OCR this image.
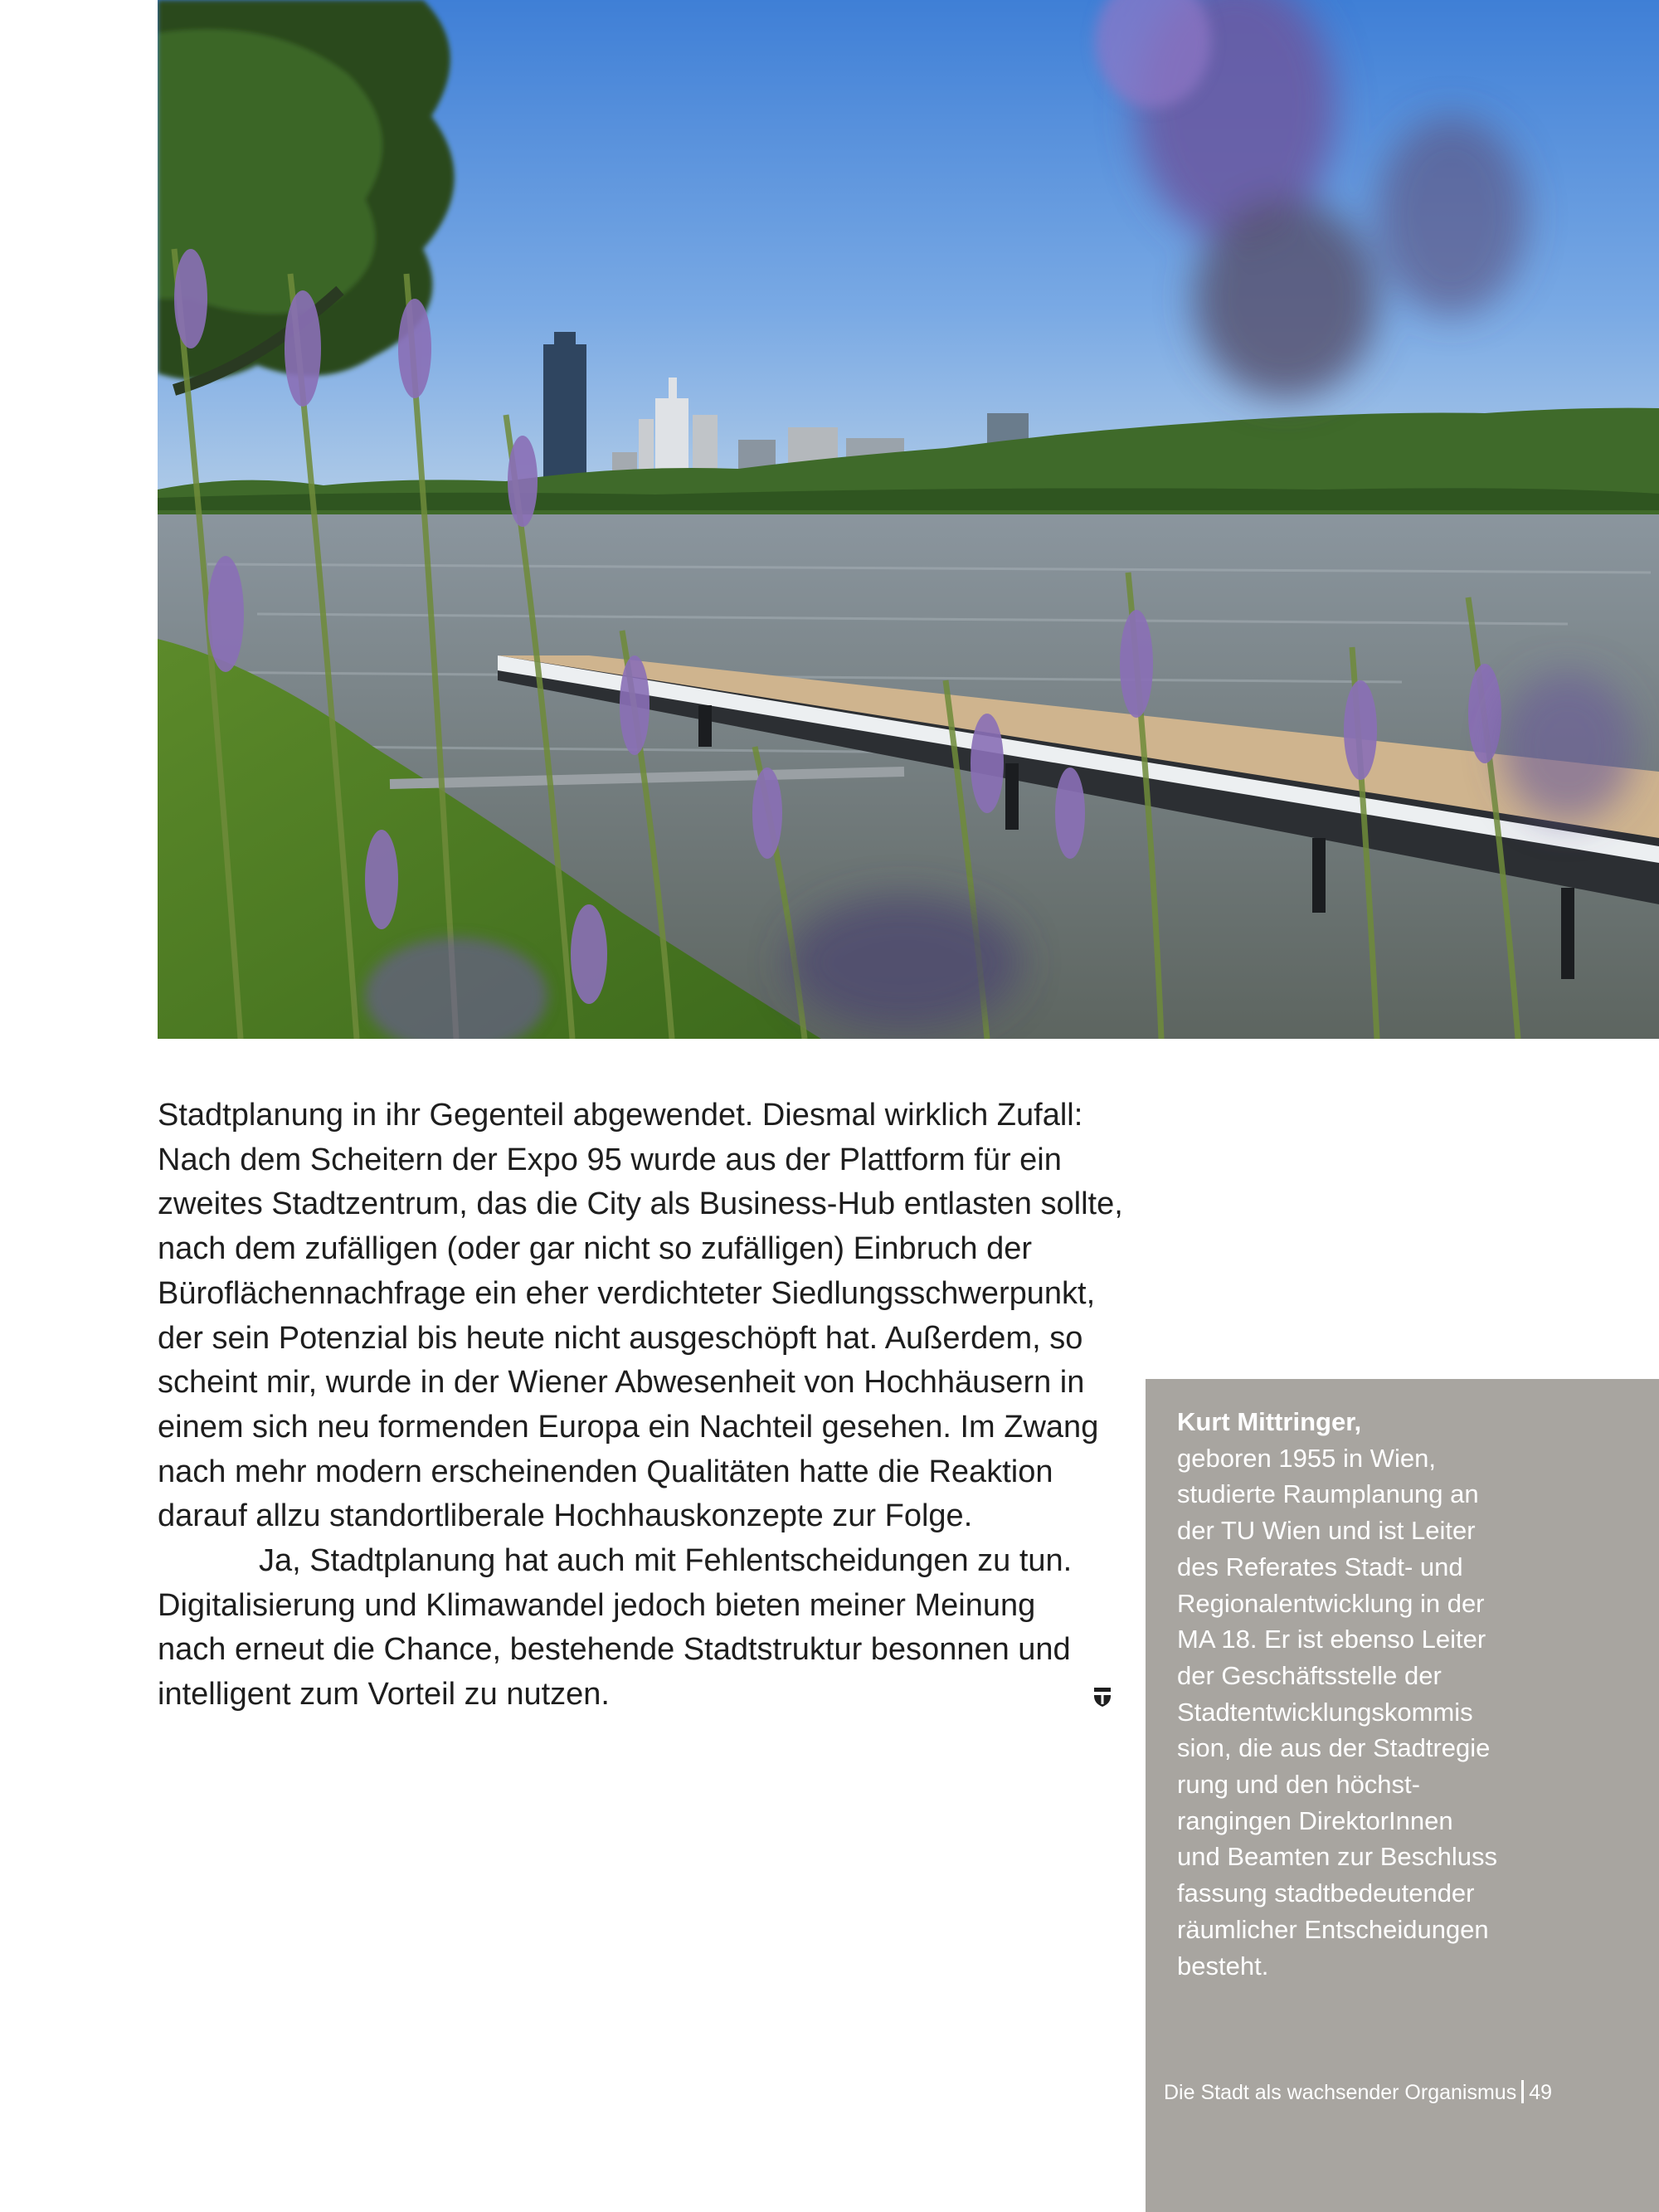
Stadtplanung in ihr Gegenteil abgewendet. Diesmal wirklich Zufall:

Nach dem Scheitern der Expo 95 wurde aus der Plattform für ein

zweites Stadtzentrum, das die City als Business-Hub entlasten sollte,

nach dem zufälligen (oder gar nicht so zufälligen) Einbruch der

Büroflächennachfrage ein eher verdichteter Siedlungsschwerpunkt,

der sein Potenzial bis heute nicht ausgeschöpft hat. Außerdem, so

scheint mir, wurde in der Wiener Abwesenheit von Hochhäusern in

einem sich neu formenden Europa ein Nachteil gesehen. Im Zwang

nach mehr modern erscheinenden Qualitäten hatte die Reaktion

darauf allzu standortliberale Hochhauskonzepte zur Folge.

Ja, Stadtplanung hat auch mit Fehlentscheidungen zu tun.

Digitalisierung und Klimawandel jedoch bieten meiner Meinung

nach erneut die Chance, bestehende Stadtstruktur besonnen und

intelligent zum Vorteil zu nutzen.

Kurt Mittringer,
geboren 1955 in Wien,
studierte Raumplanung an
der TU Wien und ist Leiter
des Referates Stadt- und
Regionalentwicklung in der
MA 18. Er ist ebenso Leiter
der Geschäftsstelle der
Stadtentwicklungskommis
sion, die aus der Stadtregie
rung und den höchst-
rangingen DirektorInnen
und Beamten zur Beschluss
fassung stadtbedeutender
räumlicher Entscheidungen
besteht.
Die Stadt als wachsender Organismus 49
